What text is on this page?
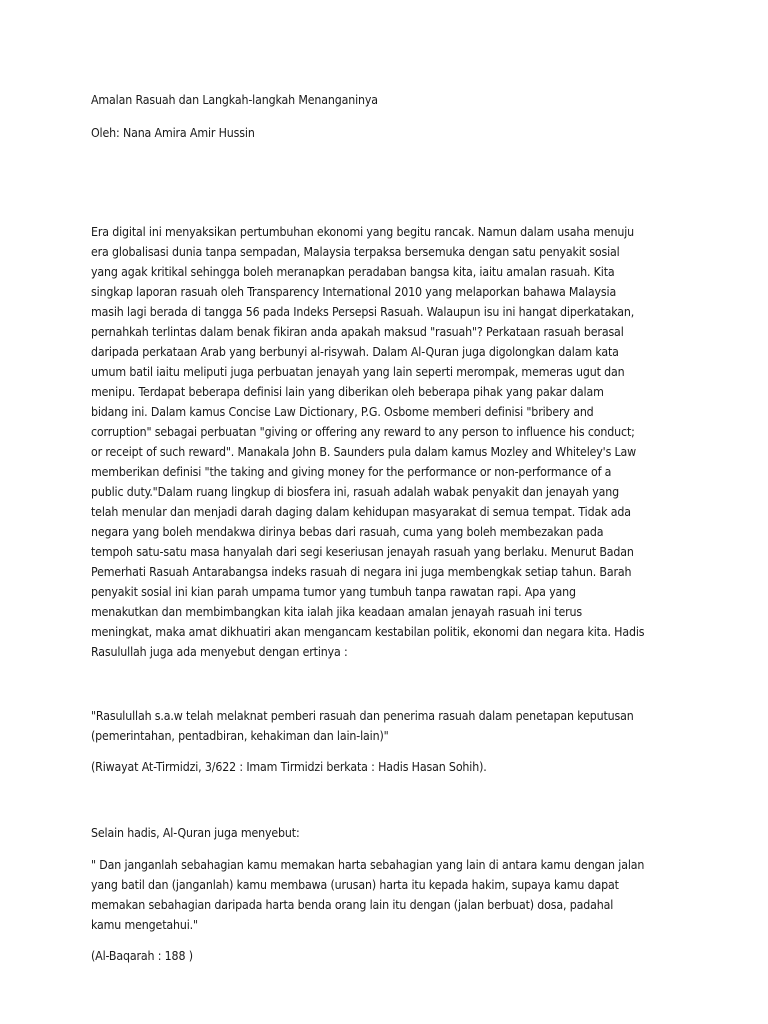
Amalan Rasuah dan Langkah-langkah Menanganinya
Oleh: Nana Amira Amir Hussin
Era digital ini menyaksikan pertumbuhan ekonomi yang begitu rancak. Namun dalam usaha menuju
era globalisasi dunia tanpa sempadan, Malaysia terpaksa bersemuka dengan satu penyakit sosial
yang agak kritikal sehingga boleh meranapkan peradaban bangsa kita, iaitu amalan rasuah. Kita
singkap laporan rasuah oleh Transparency International 2010 yang melaporkan bahawa Malaysia
masih lagi berada di tangga 56 pada Indeks Persepsi Rasuah. Walaupun isu ini hangat diperkatakan,
pernahkah terlintas dalam benak fikiran anda apakah maksud "rasuah"? Perkataan rasuah berasal
daripada perkataan Arab yang berbunyi al-risywah. Dalam Al-Quran juga digolongkan dalam kata
umum batil iaitu meliputi juga perbuatan jenayah yang lain seperti merompak, memeras ugut dan
menipu. Terdapat beberapa definisi lain yang diberikan oleh beberapa pihak yang pakar dalam
bidang ini. Dalam kamus Concise Law Dictionary, P.G. Osbome memberi definisi "bribery and
corruption" sebagai perbuatan "giving or offering any reward to any person to influence his conduct;
or receipt of such reward". Manakala John B. Saunders pula dalam kamus Mozley and Whiteley's Law
memberikan definisi "the taking and giving money for the performance or non-performance of a
public duty."Dalam ruang lingkup di biosfera ini, rasuah adalah wabak penyakit dan jenayah yang
telah menular dan menjadi darah daging dalam kehidupan masyarakat di semua tempat. Tidak ada
negara yang boleh mendakwa dirinya bebas dari rasuah, cuma yang boleh membezakan pada
tempoh satu-satu masa hanyalah dari segi keseriusan jenayah rasuah yang berlaku. Menurut Badan
Pemerhati Rasuah Antarabangsa indeks rasuah di negara ini juga membengkak setiap tahun. Barah
penyakit sosial ini kian parah umpama tumor yang tumbuh tanpa rawatan rapi. Apa yang
menakutkan dan membimbangkan kita ialah jika keadaan amalan jenayah rasuah ini terus
meningkat, maka amat dikhuatiri akan mengancam kestabilan politik, ekonomi dan negara kita. Hadis
Rasulullah juga ada menyebut dengan ertinya :
"Rasulullah s.a.w telah melaknat pemberi rasuah dan penerima rasuah dalam penetapan keputusan
(pemerintahan, pentadbiran, kehakiman dan lain-lain)"
(Riwayat At-Tirmidzi, 3/622 : Imam Tirmidzi berkata : Hadis Hasan Sohih).
Selain hadis, Al-Quran juga menyebut:
" Dan janganlah sebahagian kamu memakan harta sebahagian yang lain di antara kamu dengan jalan
yang batil dan (janganlah) kamu membawa (urusan) harta itu kepada hakim, supaya kamu dapat
memakan sebahagian daripada harta benda orang lain itu dengan (jalan berbuat) dosa, padahal
kamu mengetahui."
(Al-Baqarah : 188 )
